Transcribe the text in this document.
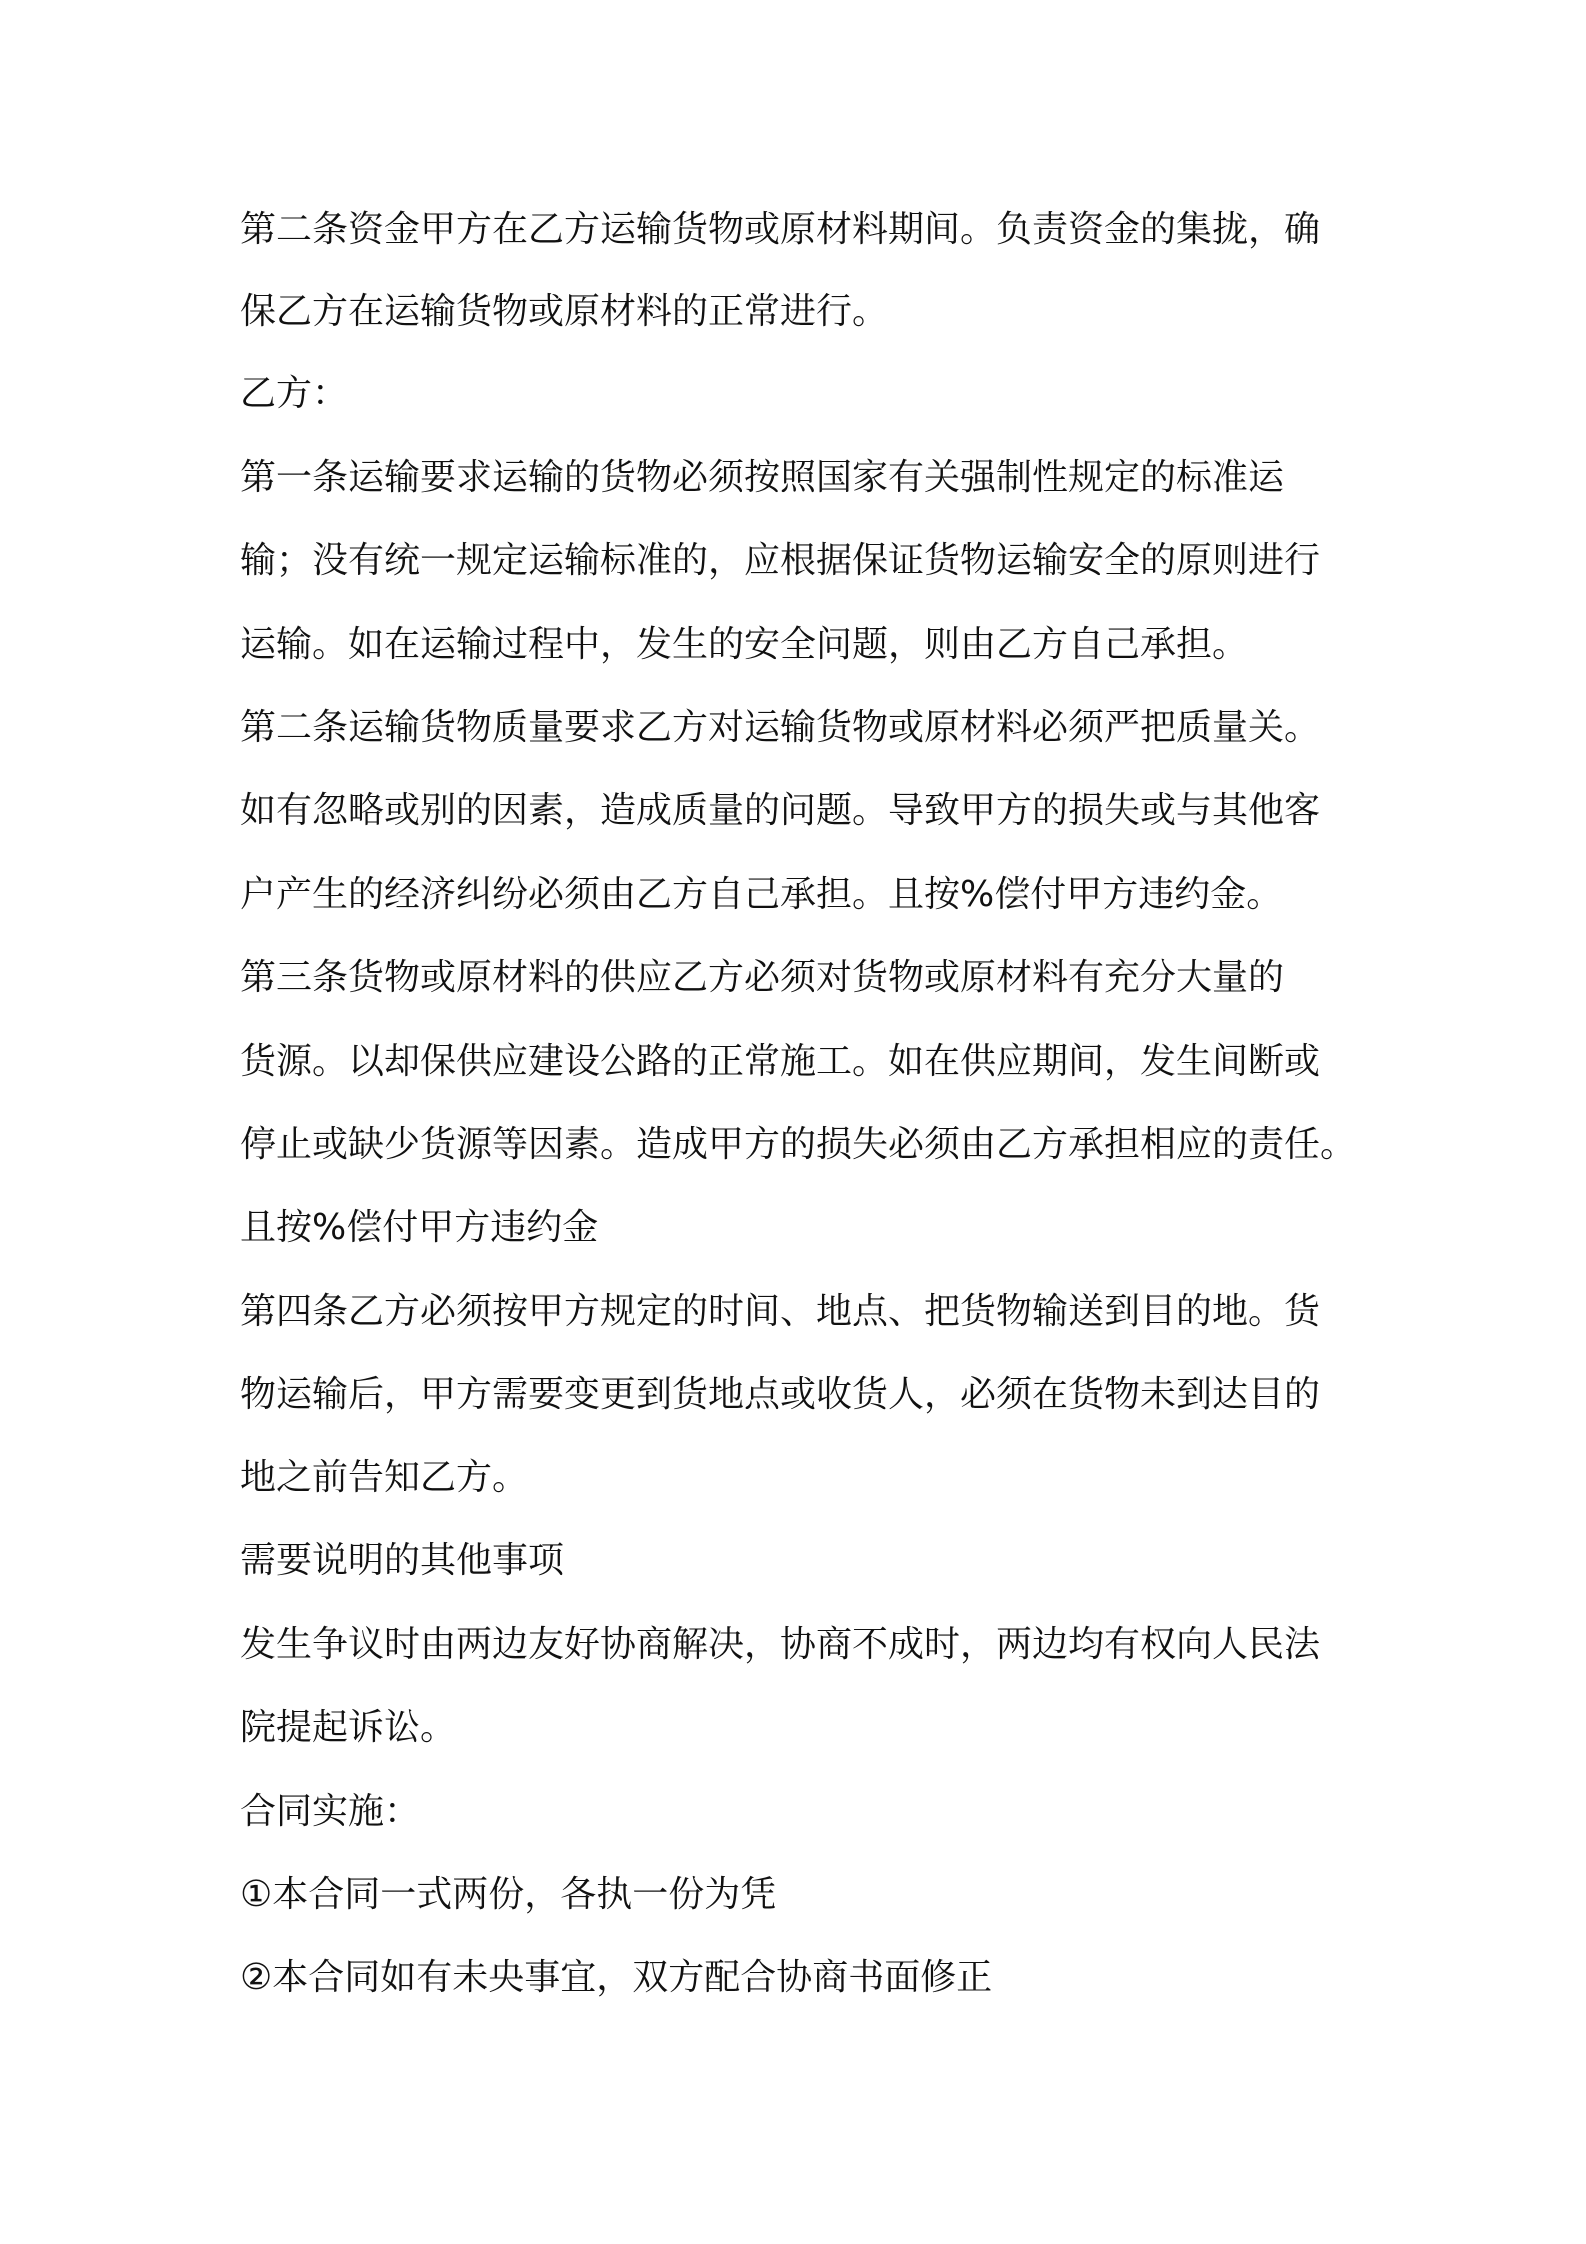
第二条资金甲方在乙方运输货物或原材料期间。负责资金的集拢，确

保乙方在运输货物或原材料的正常进行。

乙方：

第一条运输要求运输的货物必须按照国家有关强制性规定的标准运

输；没有统一规定运输标准的，应根据保证货物运输安全的原则进行

运输。如在运输过程中，发生的安全问题，则由乙方自己承担。

第二条运输货物质量要求乙方对运输货物或原材料必须严把质量关。

如有忽略或别的因素，造成质量的问题。导致甲方的损失或与其他客

户产生的经济纠纷必须由乙方自己承担。且按%偿付甲方违约金。

第三条货物或原材料的供应乙方必须对货物或原材料有充分大量的

货源。以却保供应建设公路的正常施工。如在供应期间，发生间断或

停止或缺少货源等因素。造成甲方的损失必须由乙方承担相应的责任。

且按%偿付甲方违约金

第四条乙方必须按甲方规定的时间、地点、把货物输送到目的地。货

物运输后，甲方需要变更到货地点或收货人，必须在货物未到达目的

地之前告知乙方。

需要说明的其他事项

发生争议时由两边友好协商解决，协商不成时，两边均有权向人民法

院提起诉讼。

合同实施：

①本合同一式两份，各执一份为凭

②本合同如有未央事宜，双方配合协商书面修正
